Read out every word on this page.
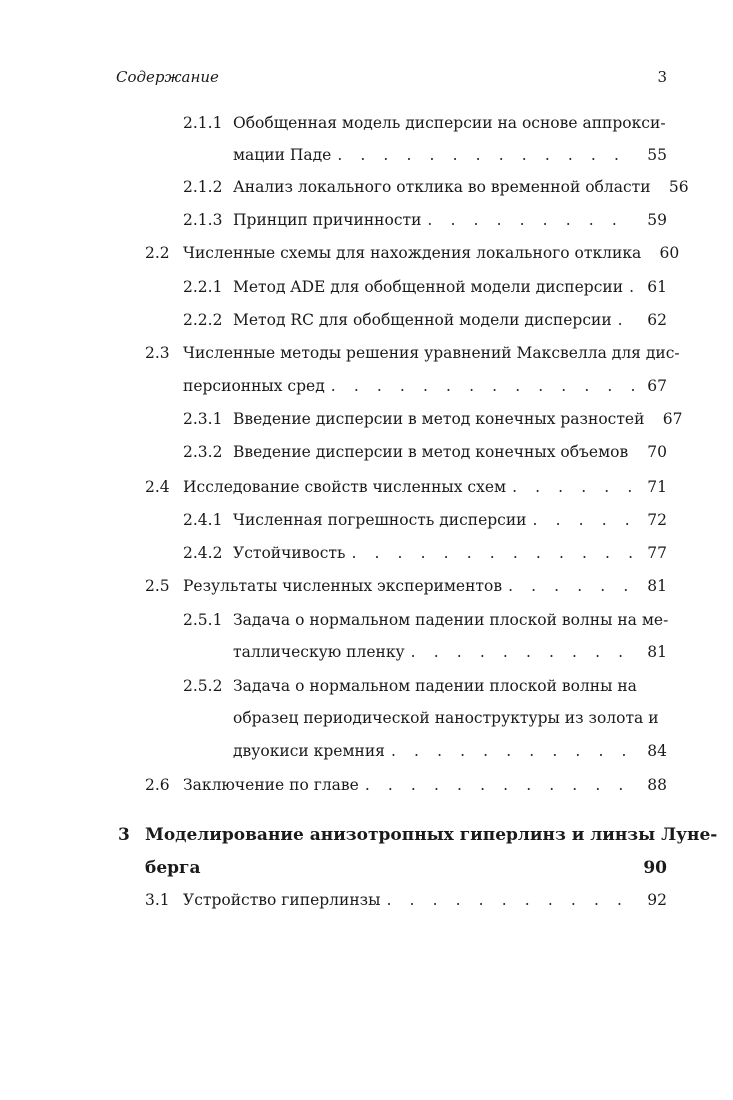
Содержание	3
2.1.1 Обобщенная модель дисперсии на основе аппрокси-
мации Паде . . .	55
2.1.2 Анализ локального отклика во временной области 56
2.1.3 Принцип причинности . . .	59
2.2 Численные схемы для нахождения локального отклика 60
2.2.1 Метод ADE для обобщенной модели дисперсии . . . 61
2.2.2 Метод RC для обобщенной модели дисперсии . . . 62
2.3 Численные методы решения уравнений Максвелла для дис-
персионных сред . . .	67
2.3.1 Введение дисперсии в метод конечных разностей 67
2.3.2 Введение дисперсии в метод конечных объемов . . . 70
2.4 Исследование свойств численных схем . . .	71
2.4.1 Численная погрешность дисперсии . . .	72
2.4.2 Устойчивость . . .	77
2.5 Результаты численных экспериментов . . .	81
2.5.1 Задача о нормальном падении плоской волны на ме-
таллическую пленку . . .	81
2.5.2 Задача о нормальном падении плоской волны на
образец периодической наноструктуры из золота и
двуокиси кремния . . .	84
2.6 Заключение по главе . . .	88
3 Моделирование анизотропных гиперлинз и линзы Луне-
берга	90
3.1 Устройство гиперлинзы . . .	92
